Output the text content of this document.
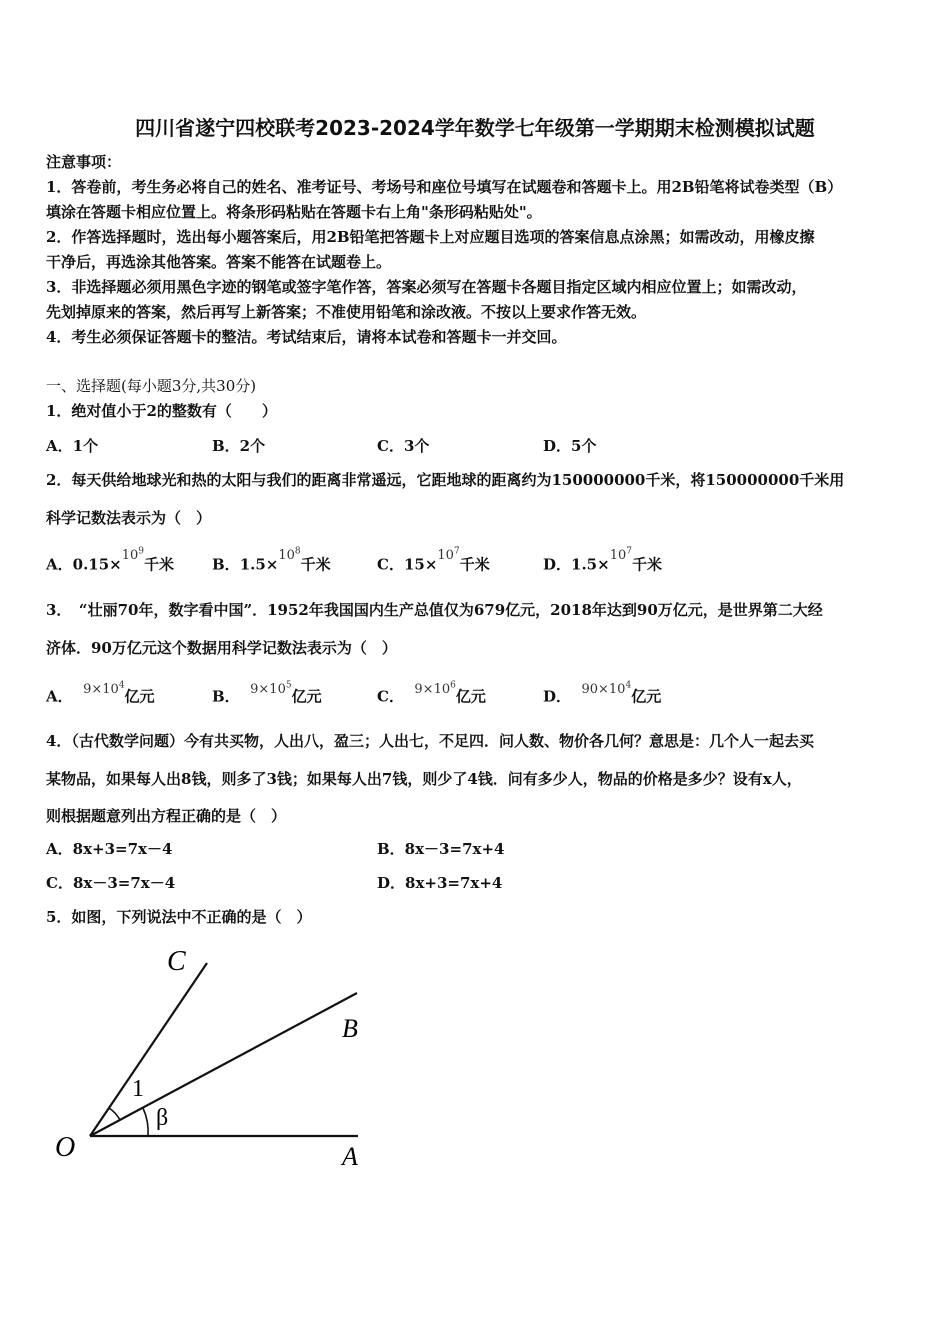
四川省遂宁四校联考2023-2024学年数学七年级第一学期期末检测模拟试题
注意事项：
1．答卷前，考生务必将自己的姓名、准考证号、考场号和座位号填写在试题卷和答题卡上。用2B铅笔将试卷类型（B）
填涂在答题卡相应位置上。将条形码粘贴在答题卡右上角"条形码粘贴处"。
2．作答选择题时，选出每小题答案后，用2B铅笔把答题卡上对应题目选项的答案信息点涂黑；如需改动，用橡皮擦
干净后，再选涂其他答案。答案不能答在试题卷上。
3．非选择题必须用黑色字迹的钢笔或签字笔作答，答案必须写在答题卡各题目指定区域内相应位置上；如需改动，
先划掉原来的答案，然后再写上新答案；不准使用铅笔和涂改液。不按以上要求作答无效。
4．考生必须保证答题卡的整洁。考试结束后，请将本试卷和答题卡一并交回。
一、选择题(每小题3分,共30分)
1．绝对值小于2的整数有（　　）
A．1个	B．2个	C．3个	D．5个
2．每天供给地球光和热的太阳与我们的距离非常遥远，它距地球的距离约为150000000千米，将150000000千米用
科学记数法表示为（　）
A．$0.15\times 10^9$千米	B．$1.5\times 10^8$千米	C．$15\times 10^7$千米	D．$1.5\times 10^7$千米
3．　“壮丽70年，数字看中国”．1952年我国国内生产总值仅为679亿元，2018年达到90万亿元，是世界第二大经
济体．90万亿元这个数据用科学记数法表示为（　）
A． $9\times 10^4$亿元	B． $9\times 10^5$亿元	C． $9\times 10^6$亿元	D． $90\times 10^4$亿元
4．（古代数学问题）今有共买物，人出八，盈三；人出七，不足四．问人数、物价各几何？意思是：几个人一起去买
某物品，如果每人出8钱，则多了3钱；如果每人出7钱，则少了4钱．问有多少人，物品的价格是多少？设有x人，
则根据题意列出方程正确的是（　）
A．8x+3=7x－4	B．8x－3=7x+4
C．8x－3=7x－4	D．8x+3=7x+4
5．如图，下列说法中不正确的是（　）
C
B
O	A
1
β
